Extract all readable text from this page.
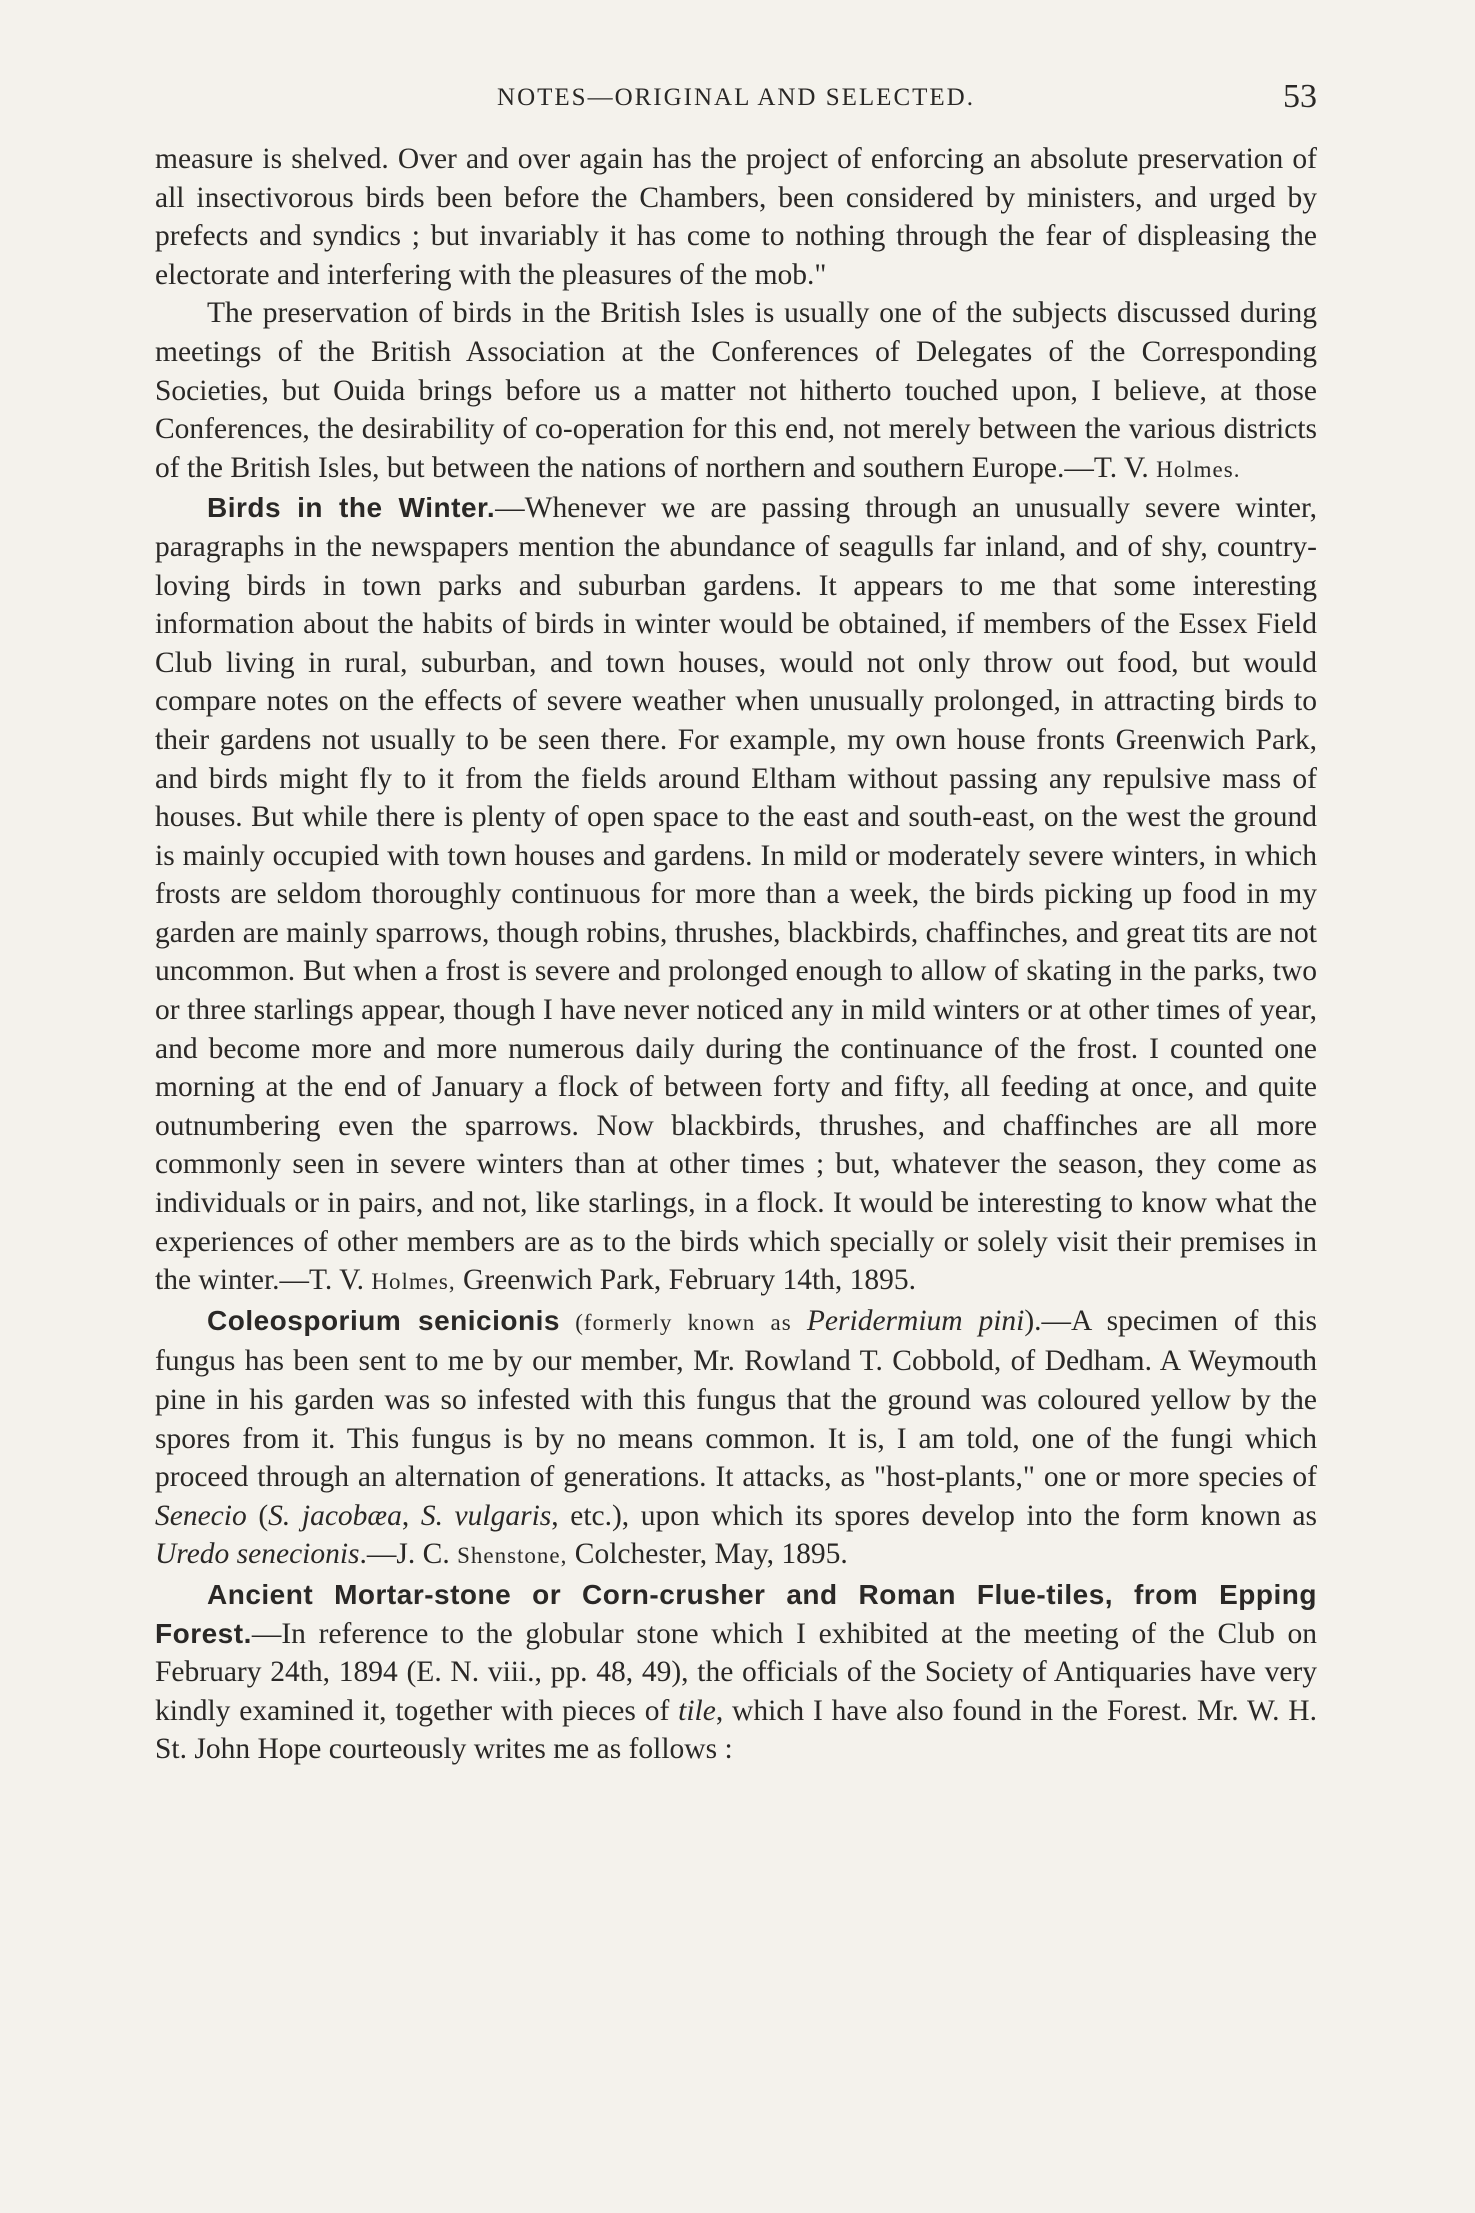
NOTES—ORIGINAL AND SELECTED.	53

measure is shelved. Over and over again has the project of enforcing an absolute preservation of all insectivorous birds been before the Chambers, been considered by ministers, and urged by prefects and syndics ; but invariably it has come to nothing through the fear of displeasing the electorate and interfering with the pleasures of the mob."

The preservation of birds in the British Isles is usually one of the subjects discussed during meetings of the British Association at the Conferences of Delegates of the Corresponding Societies, but Ouida brings before us a matter not hitherto touched upon, I believe, at those Conferences, the desirability of co-operation for this end, not merely between the various districts of the British Isles, but between the nations of northern and southern Europe.—T. V. Holmes.

Birds in the Winter.—Whenever we are passing through an unusually severe winter, paragraphs in the newspapers mention the abundance of seagulls far inland, and of shy, country-loving birds in town parks and suburban gardens. It appears to me that some interesting information about the habits of birds in winter would be obtained, if members of the Essex Field Club living in rural, suburban, and town houses, would not only throw out food, but would compare notes on the effects of severe weather when unusually prolonged, in attracting birds to their gardens not usually to be seen there. For example, my own house fronts Greenwich Park, and birds might fly to it from the fields around Eltham without passing any repulsive mass of houses. But while there is plenty of open space to the east and south-east, on the west the ground is mainly occupied with town houses and gardens. In mild or moderately severe winters, in which frosts are seldom thoroughly continuous for more than a week, the birds picking up food in my garden are mainly sparrows, though robins, thrushes, blackbirds, chaffinches, and great tits are not uncommon. But when a frost is severe and prolonged enough to allow of skating in the parks, two or three starlings appear, though I have never noticed any in mild winters or at other times of year, and become more and more numerous daily during the continuance of the frost. I counted one morning at the end of January a flock of between forty and fifty, all feeding at once, and quite outnumbering even the sparrows. Now blackbirds, thrushes, and chaffinches are all more commonly seen in severe winters than at other times ; but, whatever the season, they come as individuals or in pairs, and not, like starlings, in a flock. It would be interesting to know what the experiences of other members are as to the birds which specially or solely visit their premises in the winter.—T. V. Holmes, Greenwich Park, February 14th, 1895.

Coleosporium senicionis (formerly known as Peridermium pini).—A specimen of this fungus has been sent to me by our member, Mr. Rowland T. Cobbold, of Dedham. A Weymouth pine in his garden was so infested with this fungus that the ground was coloured yellow by the spores from it. This fungus is by no means common. It is, I am told, one of the fungi which proceed through an alternation of generations. It attacks, as "host-plants," one or more species of Senecio (S. jacobæa, S. vulgaris, etc.), upon which its spores develop into the form known as Uredo senecionis.—J. C. Shenstone, Colchester, May, 1895.

Ancient Mortar-stone or Corn-crusher and Roman Flue-tiles, from Epping Forest.—In reference to the globular stone which I exhibited at the meeting of the Club on February 24th, 1894 (E. N. viii., pp. 48, 49), the officials of the Society of Antiquaries have very kindly examined it, together with pieces of tile, which I have also found in the Forest. Mr. W. H. St. John Hope courteously writes me as follows :
